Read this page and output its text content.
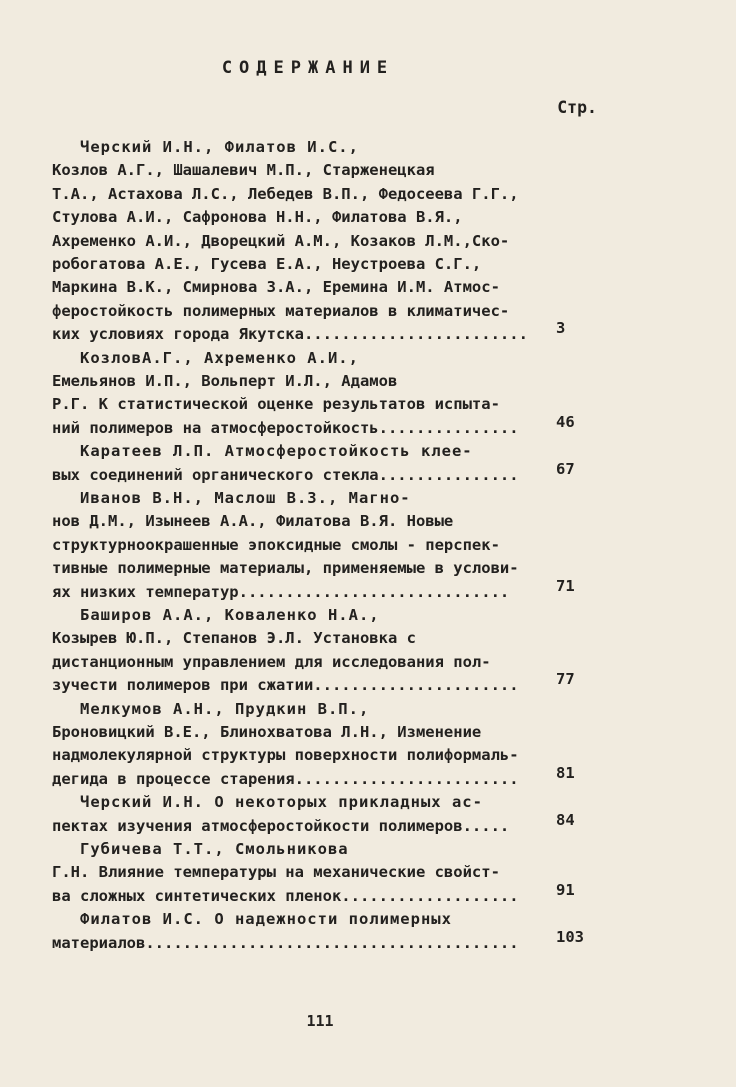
СОДЕРЖАНИЕ
Стр.
Черский И.Н., Филатов И.С.,
Козлов А.Г., Шашалевич М.П., Старженецкая
Т.А., Астахова Л.С., Лебедев В.П., Федосеева Г.Г.,
Стулова А.И., Сафронова Н.Н., Филатова В.Я.,
Ахременко А.И., Дворецкий А.М., Козаков Л.М.,Ско-
робогатова А.Е., Гусева Е.А., Неустроева С.Г.,
Маркина В.К., Смирнова З.А., Еремина И.М. Атмос-
феростойкость полимерных материалов в климатичес-
ких условиях города Якутска........................ 3
КозловА.Г., Ахременко А.И.,
Емельянов И.П., Вольперт И.Л., Адамов
Р.Г. К статистической оценке результатов испыта-
ний полимеров на атмосферостойкость............... 46
Каратеев Л.П. Атмосферостойкость клее-
вых соединений органического стекла............... 67
Иванов В.Н., Маслош В.З., Магно-
нов Д.М., Изынеев А.А., Филатова В.Я. Новые
структурноокрашенные эпоксидные смолы - перспек-
тивные полимерные материалы, применяемые в услови-
ях низких температур.............................	71
Баширов А.А., Коваленко Н.А.,
Козырев Ю.П., Степанов Э.Л. Установка с
дистанционным управлением для исследования пол-
зучести полимеров при сжатии...................... 77
Мелкумов А.Н., Прудкин В.П.,
Броновицкий В.Е., Блинохватова Л.Н., Изменение
надмолекулярной структуры поверхности полиформаль-
дегида в процессе старения........................ 81
Черский И.Н. О некоторых прикладных ас-
пектах изучения атмосферостойкости полимеров.....	84
Губичева Т.Т., Смольникова
Г.Н. Влияние температуры на механические свойст-
ва сложных синтетических пленок................... 91
Филатов И.С. О надежности полимерных
материалов........................................ 103
111
